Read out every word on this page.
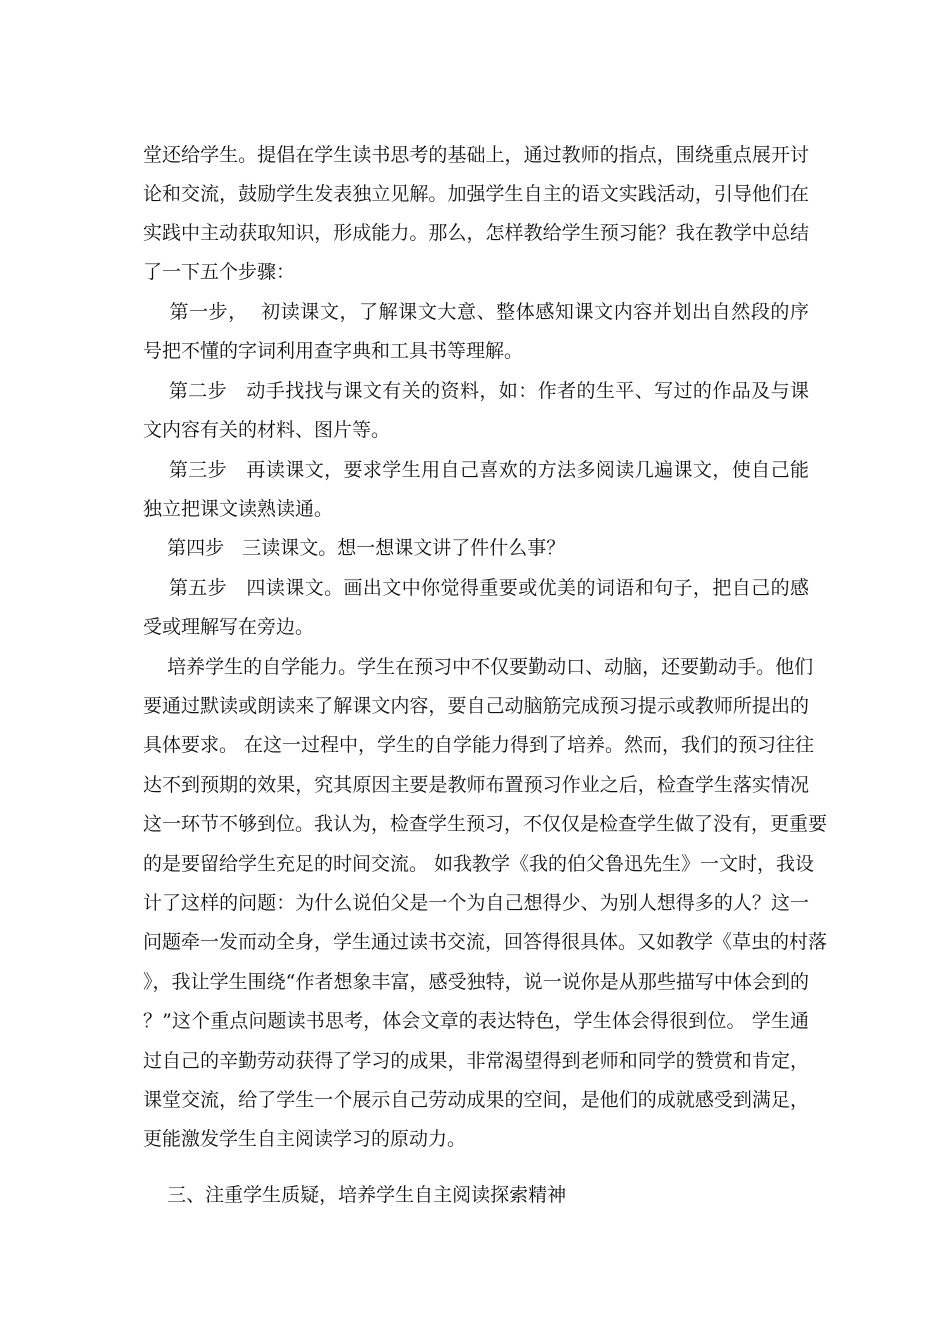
堂还给学生。提倡在学生读书思考的基础上，通过教师的指点，围绕重点展开讨
论和交流，鼓励学生发表独立见解。加强学生自主的语文实践活动，引导他们在
实践中主动获取知识，形成能力。那么，怎样教给学生预习能？我在教学中总结
了一下五个步骤：
第一步，  初读课文，了解课文大意、整体感知课文内容并划出自然段的序
号把不懂的字词利用查字典和工具书等理解。
第二步   动手找找与课文有关的资料，如：作者的生平、写过的作品及与课
文内容有关的材料、图片等。
第三步   再读课文，要求学生用自己喜欢的方法多阅读几遍课文，使自己能
独立把课文读熟读通。
第四步   三读课文。想一想课文讲了件什么事？
第五步   四读课文。画出文中你觉得重要或优美的词语和句子，把自己的感
受或理解写在旁边。
培养学生的自学能力。学生在预习中不仅要勤动口、动脑，还要勤动手。他们
要通过默读或朗读来了解课文内容，要自己动脑筋完成预习提示或教师所提出的
具体要求。 在这一过程中，学生的自学能力得到了培养。然而，我们的预习往往
达不到预期的效果，究其原因主要是教师布置预习作业之后，检查学生落实情况
这一环节不够到位。我认为，检查学生预习，不仅仅是检查学生做了没有，更重要
的是要留给学生充足的时间交流。 如我教学《我的伯父鲁迅先生》一文时，我设
计了这样的问题：为什么说伯父是一个为自己想得少、为别人想得多的人？这一
问题牵一发而动全身，学生通过读书交流，回答得很具体。又如教学《草虫的村落
》，我让学生围绕“作者想象丰富，感受独特，说一说你是从那些描写中体会到的
？”这个重点问题读书思考，体会文章的表达特色，学生体会得很到位。 学生通
过自己的辛勤劳动获得了学习的成果，非常渴望得到老师和同学的赞赏和肯定，
课堂交流，给了学生一个展示自己劳动成果的空间，是他们的成就感受到满足，
更能激发学生自主阅读学习的原动力。
三、注重学生质疑，培养学生自主阅读探索精神
